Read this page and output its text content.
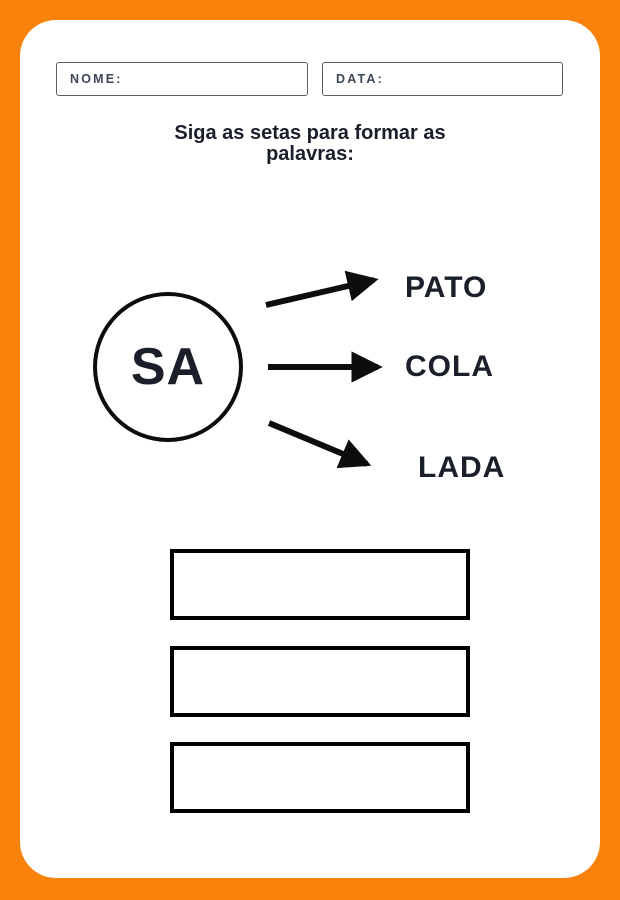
NOME:	DATA:
Siga as setas para formar as palavras:
SA
PATO
COLA
LADA
